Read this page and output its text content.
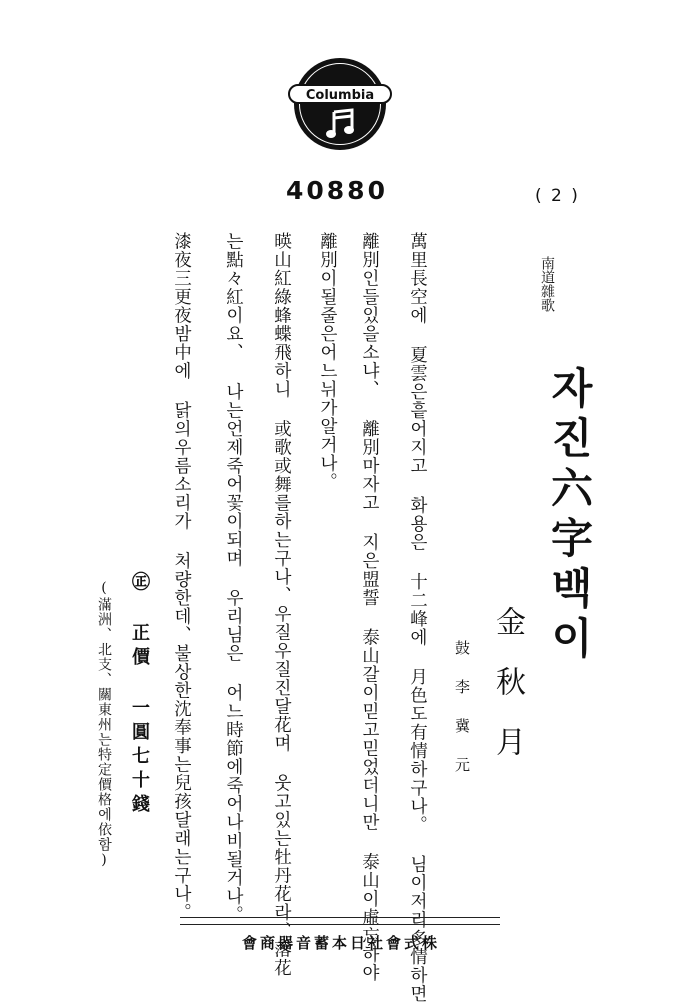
Columbia
40880	( 2 )
南道雜歌
자진六字백이
金秋月
鼓李冀元
萬里長空에 夏雲은흩어지고 화용은 十二峰에 月色도有情하구나。 님이저리多情하면
離別인들있을소냐、 離別마자고 지은盟誓 泰山갈이믿고믿었더니만 泰山이虛忘하야
離別이될줄은어느뉘가알거나。
暎山紅綠蜂蝶飛하니 或歌或舞를하는구나、우질우질진달花며 웃고있는牡丹花라、落花
는點々紅이요、 나는언제죽어꽃이되며 우리님은 어느時節에죽어나비될거나。
漆夜三更夜밤中에 닭의우름소리가 처량한데、불상한沈奉事는兒孩달래는구나。
㊣ 正價 一圓七十錢
(滿洲、北支、關東州는特定價格에依함)
會商器音蓄本日社會式株
